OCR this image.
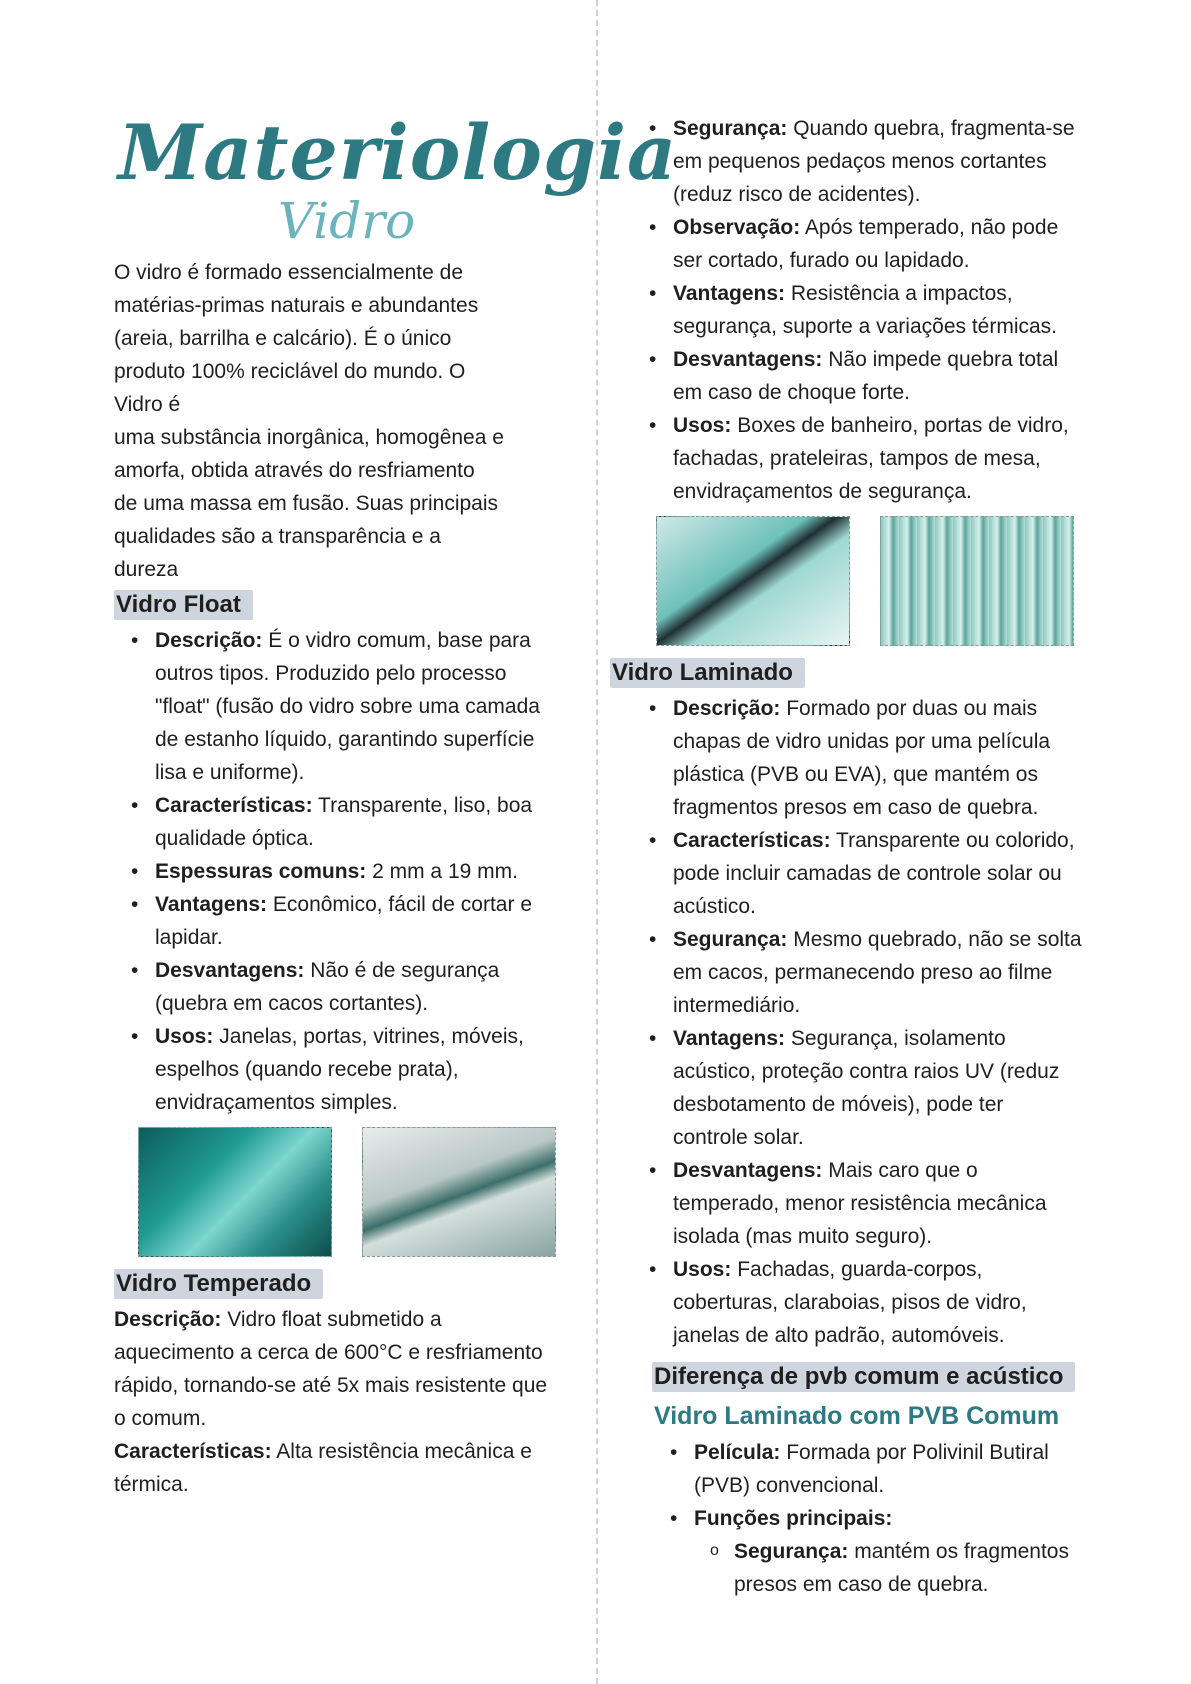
Materiologia
Vidro

O vidro é formado essencialmente de

matérias-primas naturais e abundantes

(areia, barrilha e calcário). É o único

produto 100% reciclável do mundo. O

Vidro é

uma substância inorgânica, homogênea e

amorfa, obtida através do resfriamento

de uma massa em fusão. Suas principais

qualidades são a transparência e a

dureza

Vidro Float
• Descrição: É o vidro comum, base para outros tipos. Produzido pelo processo "float" (fusão do vidro sobre uma camada de estanho líquido, garantindo superfície lisa e uniforme).
• Características: Transparente, liso, boa qualidade óptica.
• Espessuras comuns: 2 mm a 19 mm.
• Vantagens: Econômico, fácil de cortar e lapidar.
• Desvantagens: Não é de segurança (quebra em cacos cortantes).
• Usos: Janelas, portas, vitrines, móveis, espelhos (quando recebe prata), envidraçamentos simples.
Vidro Temperado

Descrição: Vidro float submetido a aquecimento a cerca de 600°C e resfriamento rápido, tornando-se até 5x mais resistente que o comum.

Características: Alta resistência mecânica e térmica.

• Segurança: Quando quebra, fragmenta-se em pequenos pedaços menos cortantes (reduz risco de acidentes).
• Observação: Após temperado, não pode ser cortado, furado ou lapidado.
• Vantagens: Resistência a impactos, segurança, suporte a variações térmicas.
• Desvantagens: Não impede quebra total em caso de choque forte.
• Usos: Boxes de banheiro, portas de vidro, fachadas, prateleiras, tampos de mesa, envidraçamentos de segurança.
Vidro Laminado
• Descrição: Formado por duas ou mais chapas de vidro unidas por uma película plástica (PVB ou EVA), que mantém os fragmentos presos em caso de quebra.
• Características: Transparente ou colorido, pode incluir camadas de controle solar ou acústico.
• Segurança: Mesmo quebrado, não se solta em cacos, permanecendo preso ao filme intermediário.
• Vantagens: Segurança, isolamento acústico, proteção contra raios UV (reduz desbotamento de móveis), pode ter controle solar.
• Desvantagens: Mais caro que o temperado, menor resistência mecânica isolada (mas muito seguro).
• Usos: Fachadas, guarda-corpos, coberturas, claraboias, pisos de vidro, janelas de alto padrão, automóveis.
Diferença de pvb comum e acústico
Vidro Laminado com PVB Comum
• Película: Formada por Polivinil Butiral (PVB) convencional.
• Funções principais:
o Segurança: mantém os fragmentos presos em caso de quebra.
